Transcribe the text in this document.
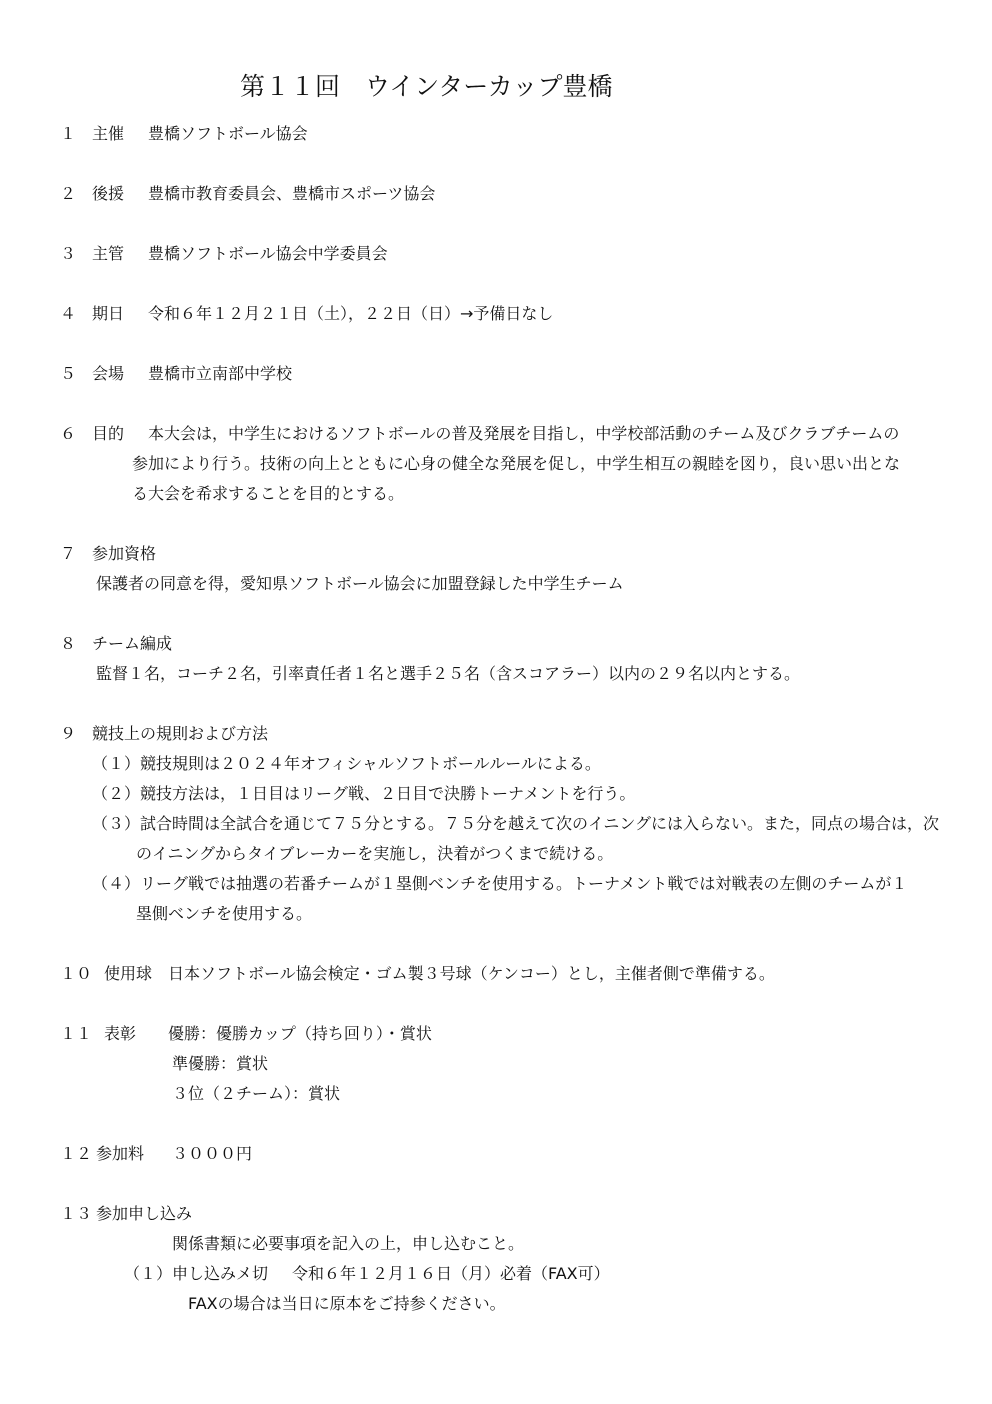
第１１回　ウインターカップ豊橋
１ 主催 豊橋ソフトボール協会
２ 後援 豊橋市教育委員会、豊橋市スポーツ協会
３ 主管 豊橋ソフトボール協会中学委員会
４ 期日 令和６年１２月２１日（土），２２日（日）→予備日なし
５ 会場 豊橋市立南部中学校
６ 目的 本大会は，中学生におけるソフトボールの普及発展を目指し，中学校部活動のチーム及びクラブチームの
参加により行う。技術の向上とともに心身の健全な発展を促し，中学生相互の親睦を図り，良い思い出とな
る大会を希求することを目的とする。
７ 参加資格
保護者の同意を得，愛知県ソフトボール協会に加盟登録した中学生チーム
８ チーム編成
監督１名，コーチ２名，引率責任者１名と選手２５名（含スコアラー）以内の２９名以内とする。
９ 競技上の規則および方法
（１） 競技規則は２０２４年オフィシャルソフトボールルールによる。
（２） 競技方法は，１日目はリーグ戦、２日目で決勝トーナメントを行う。
（３） 試合時間は全試合を通じて７５分とする。７５分を越えて次のイニングには入らない。また，同点の場合は，次
のイニングからタイブレーカーを実施し，決着がつくまで続ける。
（４） リーグ戦では抽選の若番チームが１塁側ベンチを使用する。トーナメント戦では対戦表の左側のチームが１
塁側ベンチを使用する。
１０ 使用球 日本ソフトボール協会検定・ゴム製３号球（ケンコー）とし，主催者側で準備する。
１１ 表彰 優勝：優勝カップ（持ち回り）・賞状
準優勝：賞状
３位（２チーム）：賞状
１２ 参加料 ３０００円
１３ 参加申し込み
関係書類に必要事項を記入の上，申し込むこと。
（１） 申し込みメ切 令和６年１２月１６日（月）必着（FAX可）
FAXの場合は当日に原本をご持参ください。
